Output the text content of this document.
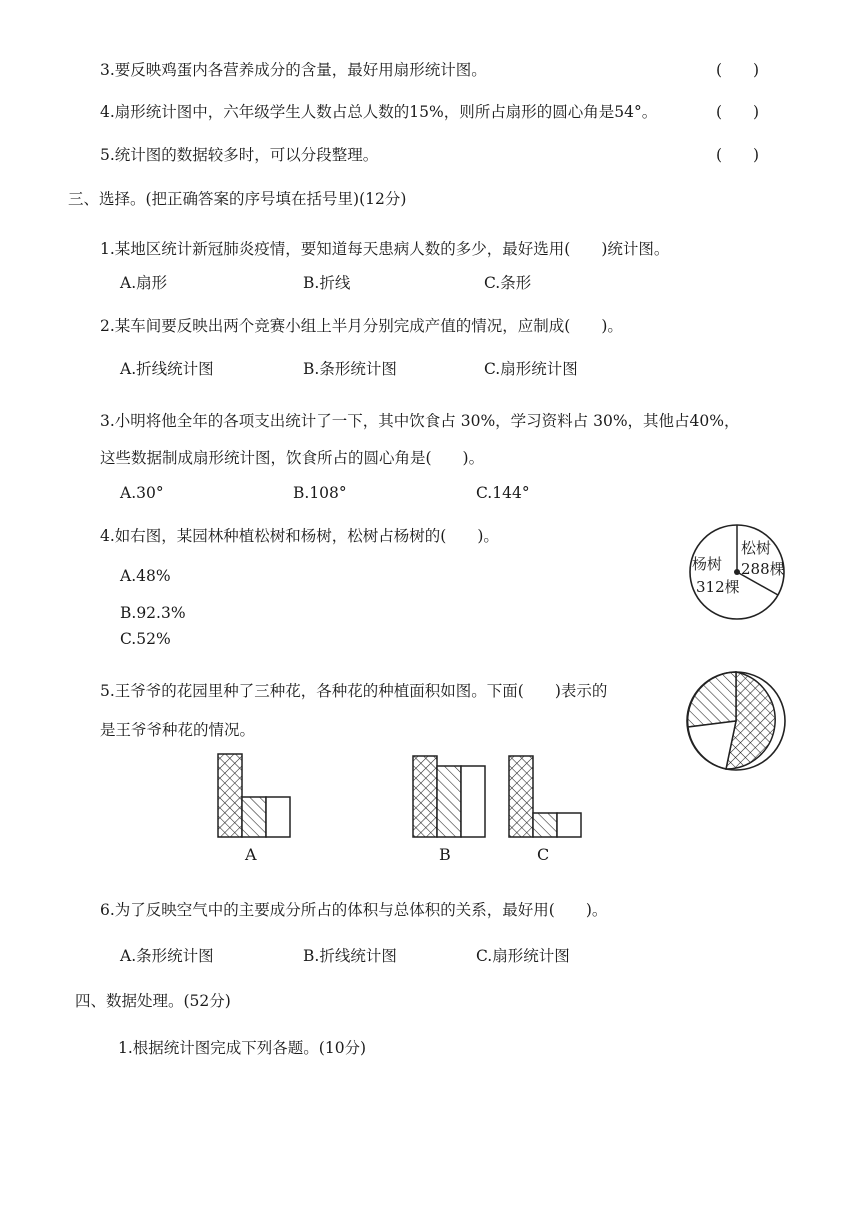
3.要反映鸡蛋内各营养成分的含量，最好用扇形统计图。	(　　)
4.扇形统计图中，六年级学生人数占总人数的15%，则所占扇形的圆心角是54°。	(　　)
5.统计图的数据较多时，可以分段整理。	(　　)
三、选择。(把正确答案的序号填在括号里)(12分)
1.某地区统计新冠肺炎疫情，要知道每天患病人数的多少，最好选用(　　)统计图。
A.扇形	B.折线	C.条形
2.某车间要反映出两个竞赛小组上半月分别完成产值的情况，应制成(　　)。
A.折线统计图	B.条形统计图	C.扇形统计图
3.小明将他全年的各项支出统计了一下，其中饮食占 30%，学习资料占 30%，其他占40%，
这些数据制成扇形统计图，饮食所占的圆心角是(　　)。
A.30°	B.108°	C.144°
4.如右图，某园林种植松树和杨树，松树占杨树的(　　)。
A.48%
B.92.3%
C.52%
松树
288棵
杨树
312棵
5.王爷爷的花园里种了三种花，各种花的种植面积如图。下面(　　)表示的
是王爷爷种花的情况。
A	B	C
6.为了反映空气中的主要成分所占的体积与总体积的关系，最好用(　　)。
A.条形统计图	B.折线统计图	C.扇形统计图
四、数据处理。(52分)
1.根据统计图完成下列各题。(10分)
